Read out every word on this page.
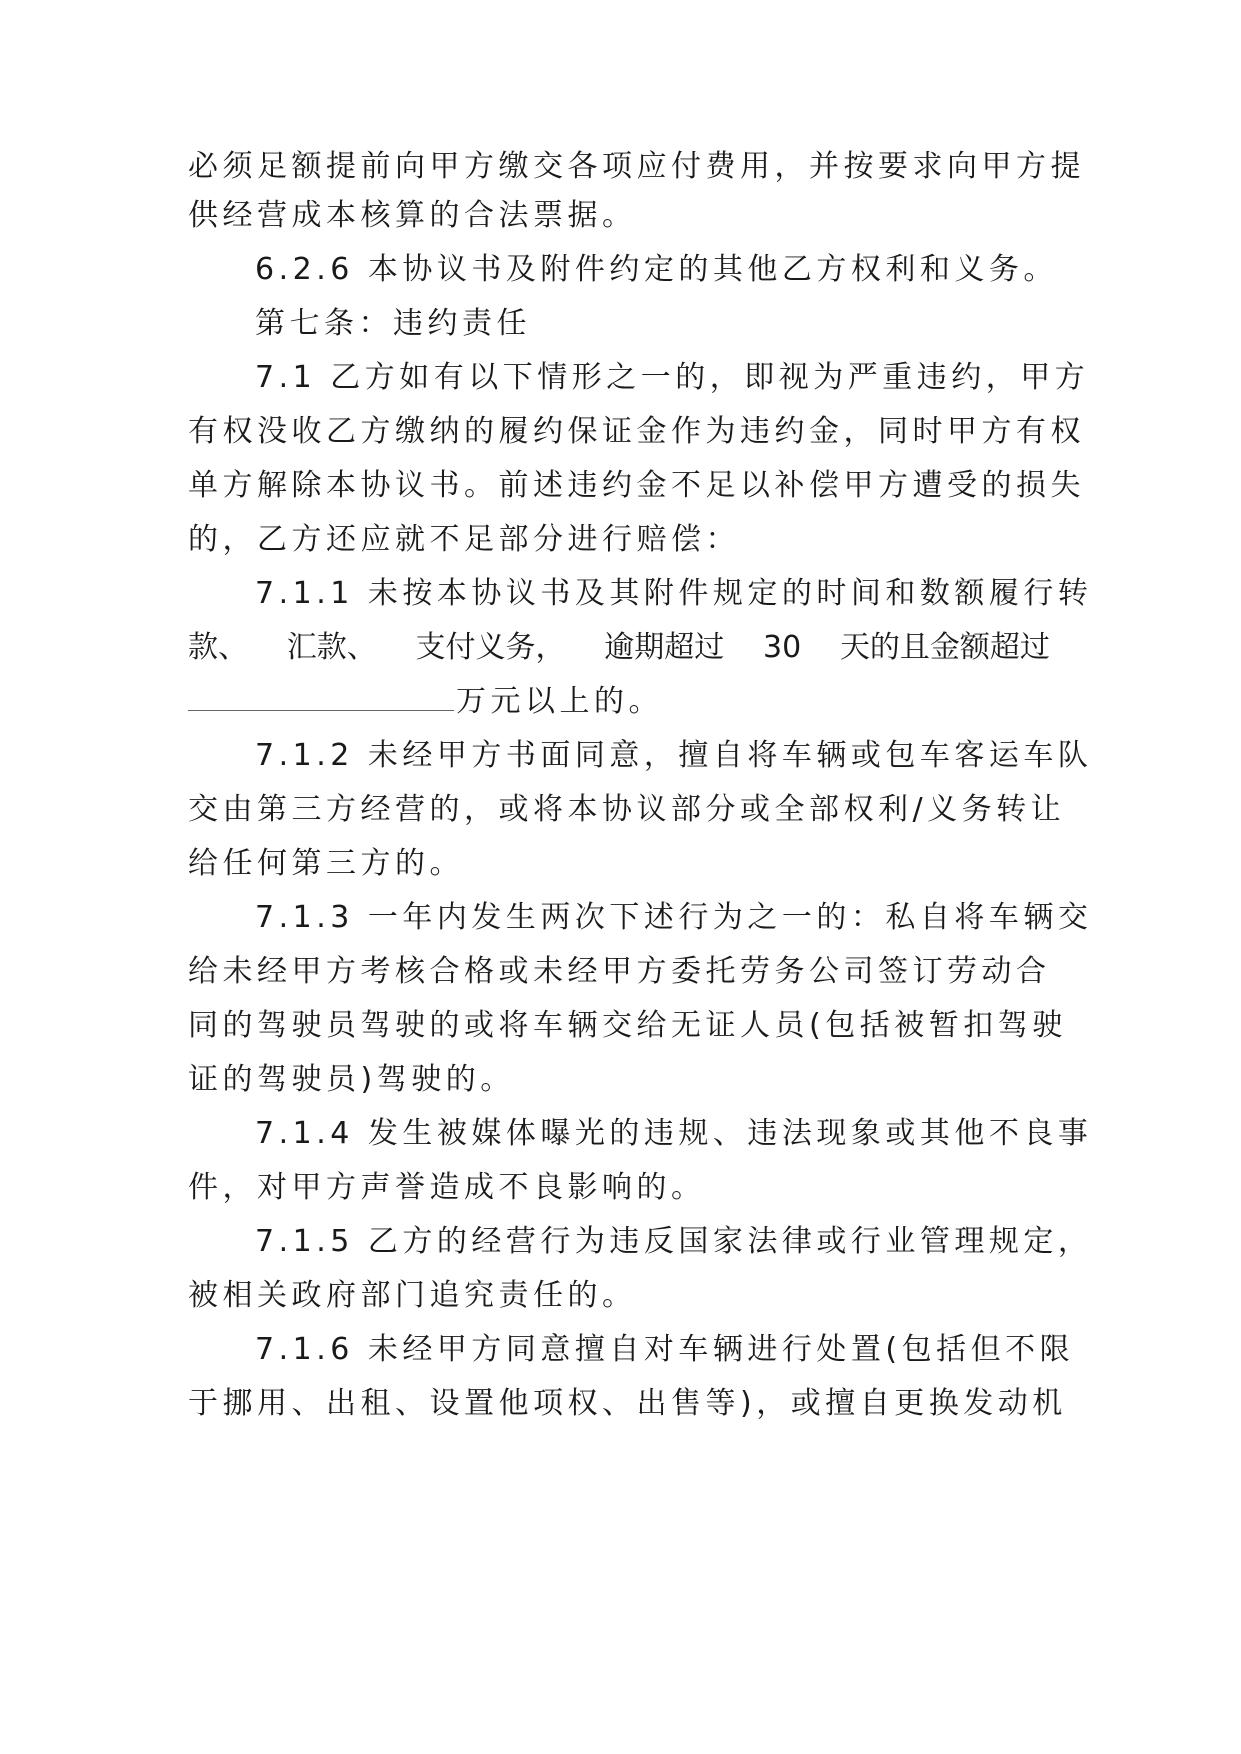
必须足额提前向甲方缴交各项应付费用，并按要求向甲方提
供经营成本核算的合法票据。
6.2.6 本协议书及附件约定的其他乙方权利和义务。
第七条：违约责任
7.1 乙方如有以下情形之一的，即视为严重违约，甲方
有权没收乙方缴纳的履约保证金作为违约金，同时甲方有权
单方解除本协议书。前述违约金不足以补偿甲方遭受的损失
的，乙方还应就不足部分进行赔偿：
7.1.1 未按本协议书及其附件规定的时间和数额履行转
款、 汇款、 支付义务， 逾期超过 30 天的且金额超过
万元以上的。
7.1.2 未经甲方书面同意，擅自将车辆或包车客运车队
交由第三方经营的，或将本协议部分或全部权利/义务转让
给任何第三方的。
7.1.3 一年内发生两次下述行为之一的：私自将车辆交
给未经甲方考核合格或未经甲方委托劳务公司签订劳动合
同的驾驶员驾驶的或将车辆交给无证人员(包括被暂扣驾驶
证的驾驶员)驾驶的。
7.1.4 发生被媒体曝光的违规、违法现象或其他不良事
件，对甲方声誉造成不良影响的。
7.1.5 乙方的经营行为违反国家法律或行业管理规定，
被相关政府部门追究责任的。
7.1.6 未经甲方同意擅自对车辆进行处置(包括但不限
于挪用、出租、设置他项权、出售等)，或擅自更换发动机
